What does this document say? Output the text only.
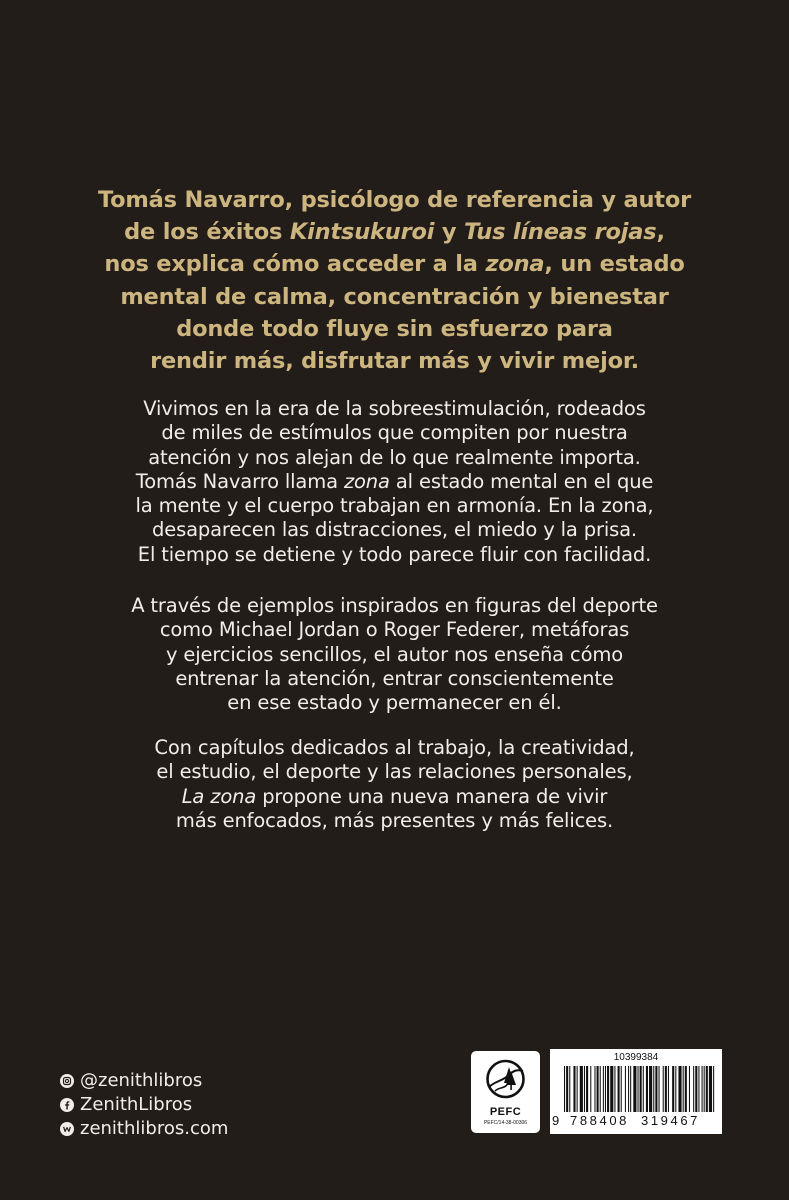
Tomás Navarro, psicólogo de referencia y autor
de los éxitos Kintsukuroi y Tus líneas rojas,
nos explica cómo acceder a la zona, un estado
mental de calma, concentración y bienestar
donde todo fluye sin esfuerzo para
rendir más, disfrutar más y vivir mejor.
Vivimos en la era de la sobreestimulación, rodeados
de miles de estímulos que compiten por nuestra
atención y nos alejan de lo que realmente importa.
Tomás Navarro llama zona al estado mental en el que
la mente y el cuerpo trabajan en armonía. En la zona,
desaparecen las distracciones, el miedo y la prisa.
El tiempo se detiene y todo parece fluir con facilidad.
A través de ejemplos inspirados en figuras del deporte
como Michael Jordan o Roger Federer, metáforas
y ejercicios sencillos, el autor nos enseña cómo
entrenar la atención, entrar conscientemente
en ese estado y permanecer en él.
Con capítulos dedicados al trabajo, la creatividad,
el estudio, el deporte y las relaciones personales,
La zona propone una nueva manera de vivir
más enfocados, más presentes y más felices.
@zenithlibros
ZenithLibros
zenithlibros.com
PEFC
PEFC/14-38-00306
10399384
9 788408 319467
